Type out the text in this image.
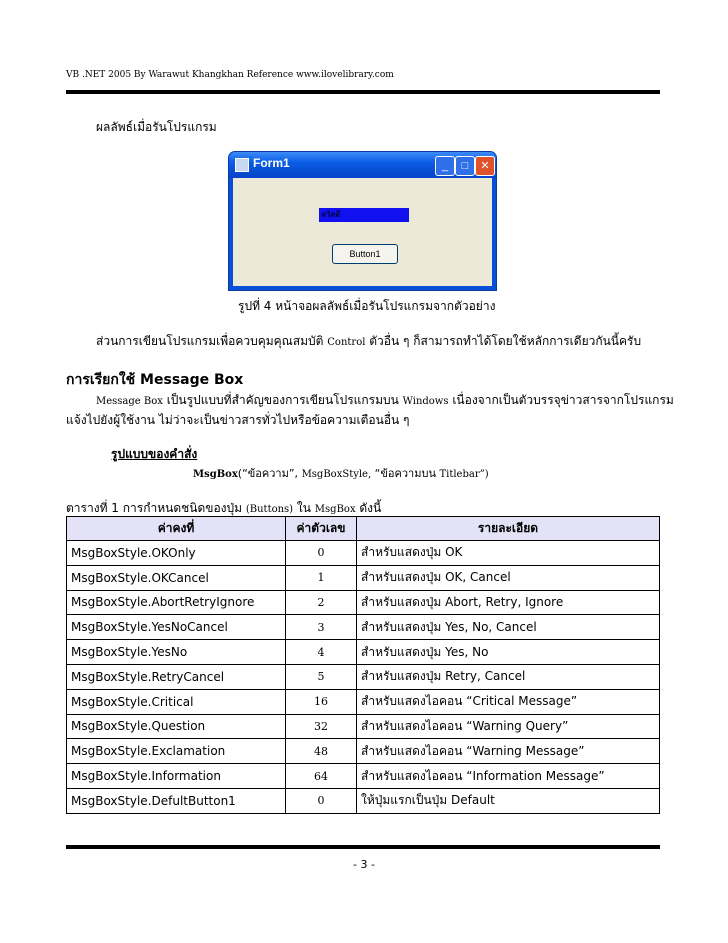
VB .NET 2005 By Warawut Khangkhan Reference www.ilovelibrary.com
ผลลัพธ์เมื่อรันโปรแกรม
Form1	_	□	✕
สวัสดี
Button1
รูปที่ 4 หน้าจอผลลัพธ์เมื่อรันโปรแกรมจากตัวอย่าง
ส่วนการเขียนโปรแกรมเพื่อควบคุมคุณสมบัติ Control ตัวอื่น ๆ ก็สามารถทำได้โดยใช้หลักการเดียวกันนี้ครับ
การเรียกใช้ Message Box
Message Box เป็นรูปแบบที่สำคัญของการเขียนโปรแกรมบน Windows เนื่องจากเป็นตัวบรรจุข่าวสารจากโปรแกรม
แจ้งไปยังผู้ใช้งาน ไม่ว่าจะเป็นข่าวสารทั่วไปหรือข้อความเตือนอื่น ๆ
รูปแบบของคำสั่ง
MsgBox(“ข้อความ”, MsgBoxStyle, “ข้อความบน Titlebar”)
ตารางที่ 1 การกำหนดชนิดของปุ่ม (Buttons) ใน MsgBox ดังนี้
ค่าคงที่	ค่าตัวเลข	รายละเอียด
MsgBoxStyle.OKOnly	0	สำหรับแสดงปุ่ม OK
MsgBoxStyle.OKCancel	1	สำหรับแสดงปุ่ม OK, Cancel
MsgBoxStyle.AbortRetryIgnore	2	สำหรับแสดงปุ่ม Abort, Retry, Ignore
MsgBoxStyle.YesNoCancel	3	สำหรับแสดงปุ่ม Yes, No, Cancel
MsgBoxStyle.YesNo	4	สำหรับแสดงปุ่ม Yes, No
MsgBoxStyle.RetryCancel	5	สำหรับแสดงปุ่ม Retry, Cancel
MsgBoxStyle.Critical	16	สำหรับแสดงไอคอน “Critical Message”
MsgBoxStyle.Question	32	สำหรับแสดงไอคอน “Warning Query”
MsgBoxStyle.Exclamation	48	สำหรับแสดงไอคอน “Warning Message”
MsgBoxStyle.Information	64	สำหรับแสดงไอคอน “Information Message”
MsgBoxStyle.DefultButton1	0	ให้ปุ่มแรกเป็นปุ่ม Default
- 3 -
